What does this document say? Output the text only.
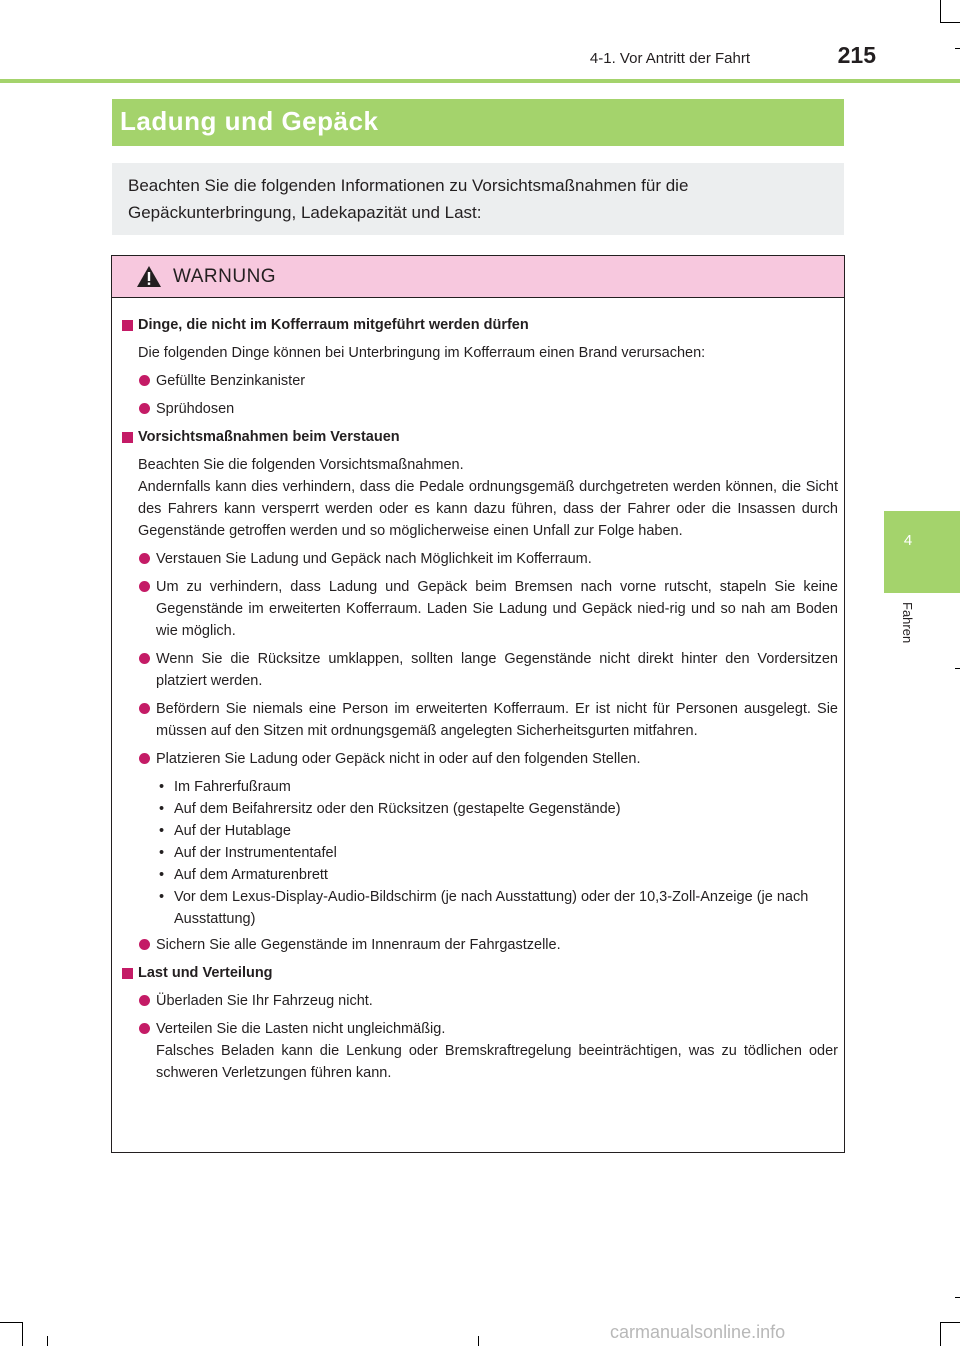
4-1. Vor Antritt der Fahrt	215
4
Fahren
Ladung und Gepäck

Beachten Sie die folgenden Informationen zu Vorsichtsmaßnahmen für die Gepäckunterbringung, Ladekapazität und Last:

WARNUNG
Dinge, die nicht im Kofferraum mitgeführt werden dürfen
Die folgenden Dinge können bei Unterbringung im Kofferraum einen Brand verursachen:
Gefüllte Benzinkanister
Sprühdosen
Vorsichtsmaßnahmen beim Verstauen
Beachten Sie die folgenden Vorsichtsmaßnahmen.
Andernfalls kann dies verhindern, dass die Pedale ordnungsgemäß durchgetreten werden können, die Sicht des Fahrers kann versperrt werden oder es kann dazu führen, dass der Fahrer oder die Insassen durch Gegenstände getroffen werden und so möglicherweise einen Unfall zur Folge haben.
Verstauen Sie Ladung und Gepäck nach Möglichkeit im Kofferraum.
Um zu verhindern, dass Ladung und Gepäck beim Bremsen nach vorne rutscht, stapeln Sie keine Gegenstände im erweiterten Kofferraum. Laden Sie Ladung und Gepäck nied-rig und so nah am Boden wie möglich.
Wenn Sie die Rücksitze umklappen, sollten lange Gegenstände nicht direkt hinter den Vordersitzen platziert werden.
Befördern Sie niemals eine Person im erweiterten Kofferraum. Er ist nicht für Personen ausgelegt. Sie müssen auf den Sitzen mit ordnungsgemäß angelegten Sicherheitsgurten mitfahren.
Platzieren Sie Ladung oder Gepäck nicht in oder auf den folgenden Stellen.
• Im Fahrerfußraum
• Auf dem Beifahrersitz oder den Rücksitzen (gestapelte Gegenstände)
• Auf der Hutablage
• Auf der Instrumententafel
• Auf dem Armaturenbrett
• Vor dem Lexus-Display-Audio-Bildschirm (je nach Ausstattung) oder der 10,3-Zoll-Anzeige (je nach Ausstattung)
Sichern Sie alle Gegenstände im Innenraum der Fahrgastzelle.
Last und Verteilung
Überladen Sie Ihr Fahrzeug nicht.
Verteilen Sie die Lasten nicht ungleichmäßig.
Falsches Beladen kann die Lenkung oder Bremskraftregelung beeinträchtigen, was zu tödlichen oder schweren Verletzungen führen kann.
carmanualsonline.info
